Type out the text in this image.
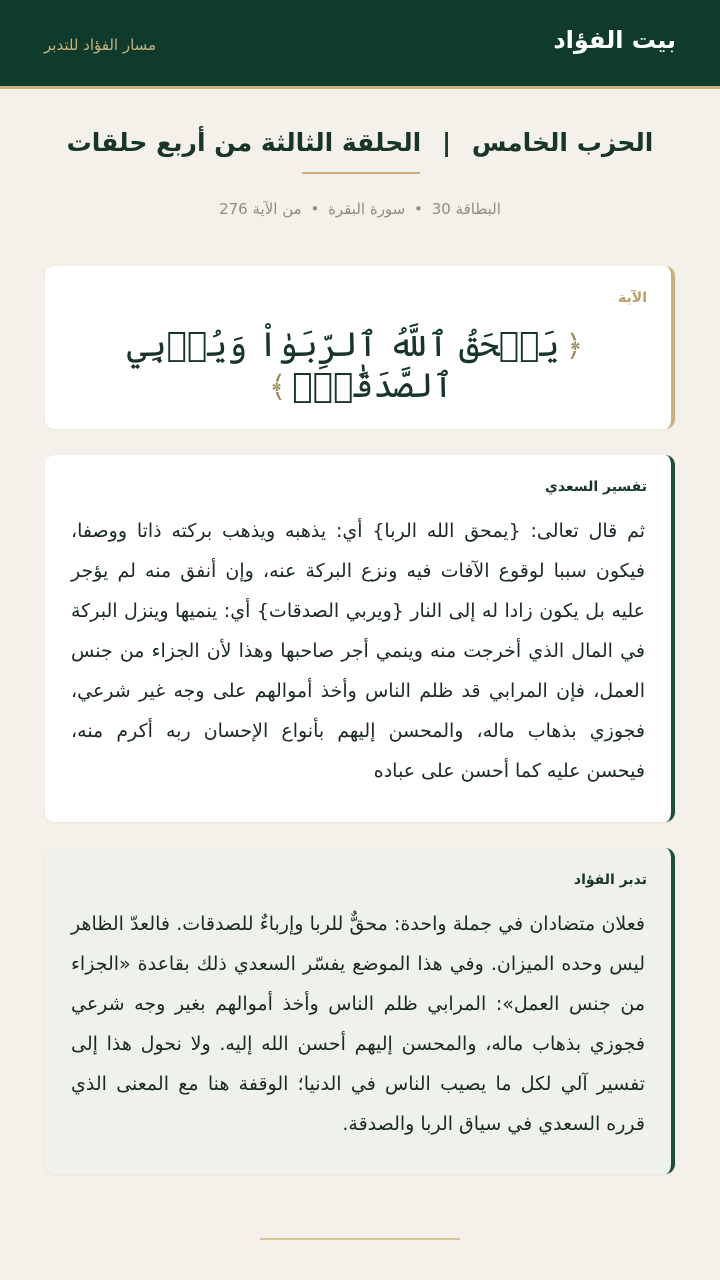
بيت الفؤاد
مسار الفؤاد للتدبر
الحزب الخامس | الحلقة الثالثة من أربع حلقات
البطاقة 30 • سورة البقرة • من الآية 276
الآية
﴿يَمۡحَقُ ٱللَّهُ ٱلرِّبَوٰاْ وَيُرۡبِي ٱلصَّدَقَٰتِۗ﴾
تفسير السعدي
ثم قال تعالى: {يمحق الله الربا} أي: يذهبه ويذهب بركته ذاتا ووصفا، فيكون سببا لوقوع الآفات فيه ونزع البركة عنه، وإن أنفق منه لم يؤجر عليه بل يكون زادا له إلى النار {ويربي الصدقات} أي: ينميها وينزل البركة في المال الذي أخرجت منه وينمي أجر صاحبها وهذا لأن الجزاء من جنس العمل، فإن المرابي قد ظلم الناس وأخذ أموالهم على وجه غير شرعي، فجوزي بذهاب ماله، والمحسن إليهم بأنواع الإحسان ربه أكرم منه، فيحسن عليه كما أحسن على عباده
تدبر الفؤاد
فعلان متضادان في جملة واحدة: محقٌّ للربا وإرباءٌ للصدقات. فالعدّ الظاهر ليس وحده الميزان. وفي هذا الموضع يفسّر السعدي ذلك بقاعدة «الجزاء من جنس العمل»: المرابي ظلم الناس وأخذ أموالهم بغير وجه شرعي فجوزي بذهاب ماله، والمحسن إليهم أحسن الله إليه. ولا نحول هذا إلى تفسير آلي لكل ما يصيب الناس في الدنيا؛ الوقفة هنا مع المعنى الذي قرره السعدي في سياق الربا والصدقة.
